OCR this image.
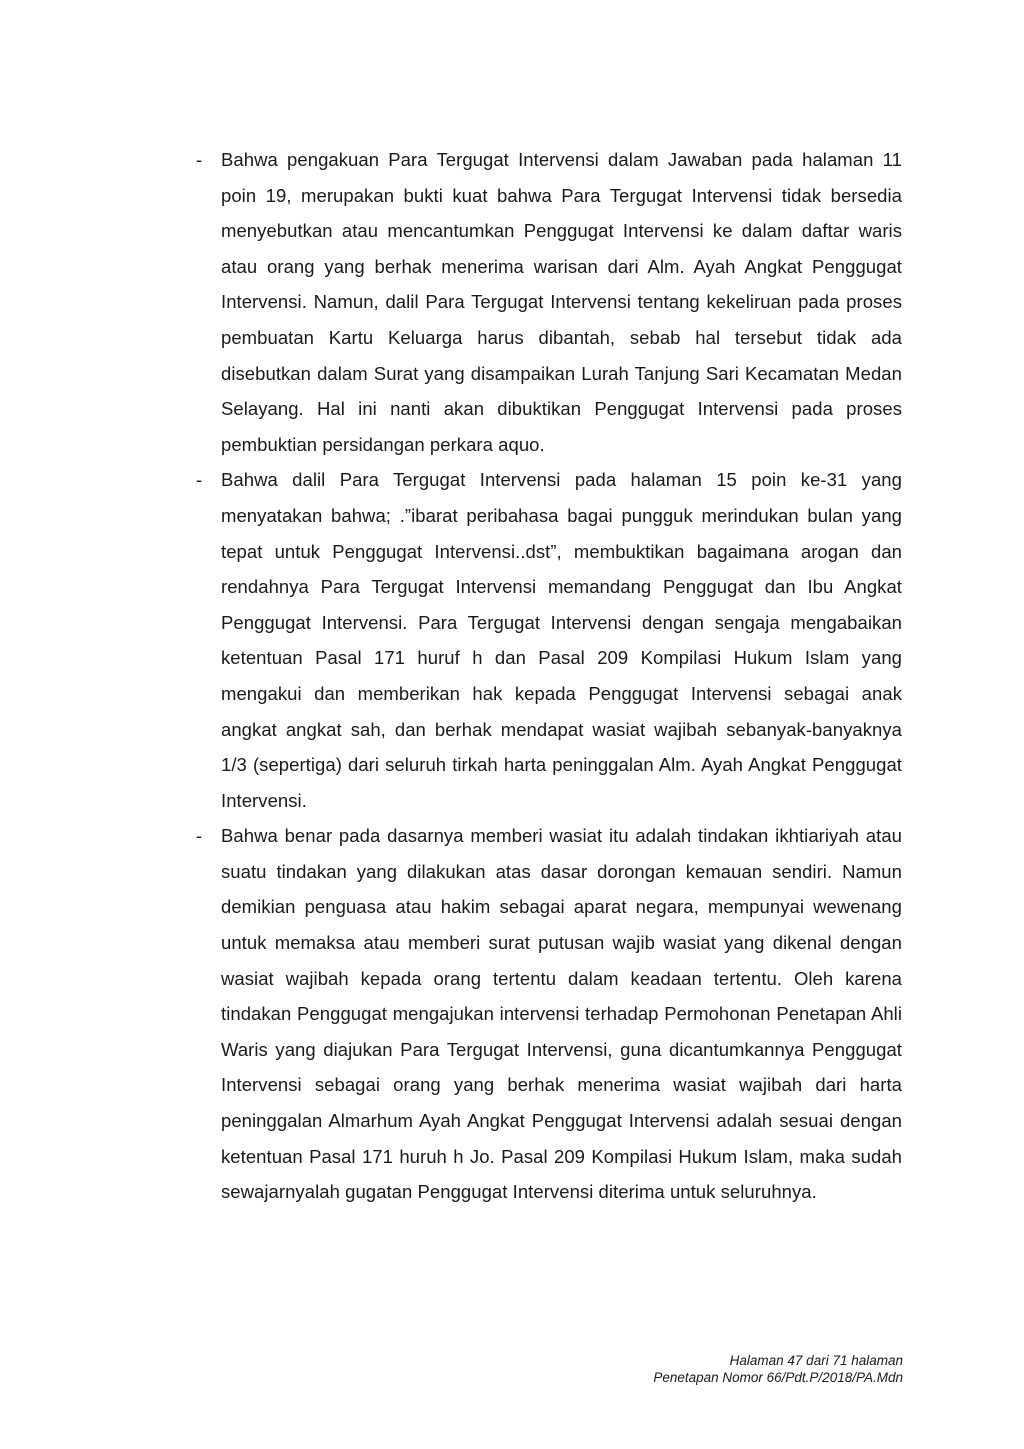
- Bahwa pengakuan Para Tergugat Intervensi dalam Jawaban pada halaman 11 poin 19, merupakan bukti kuat bahwa Para Tergugat Intervensi tidak bersedia menyebutkan atau mencantumkan Penggugat Intervensi ke dalam daftar waris atau orang yang berhak menerima warisan dari Alm. Ayah Angkat Penggugat Intervensi. Namun, dalil Para Tergugat Intervensi tentang kekeliruan pada proses pembuatan Kartu Keluarga harus dibantah, sebab hal tersebut tidak ada disebutkan dalam Surat yang disampaikan Lurah Tanjung Sari Kecamatan Medan Selayang. Hal ini nanti akan dibuktikan Penggugat Intervensi pada proses pembuktian persidangan perkara aquo.

- Bahwa dalil Para Tergugat Intervensi pada halaman 15 poin ke-31 yang menyatakan bahwa; .”ibarat peribahasa bagai pungguk merindukan bulan yang tepat untuk Penggugat Intervensi..dst”, membuktikan bagaimana arogan dan rendahnya Para Tergugat Intervensi memandang Penggugat dan Ibu Angkat Penggugat Intervensi. Para Tergugat Intervensi dengan sengaja mengabaikan ketentuan Pasal 171 huruf h dan Pasal 209 Kompilasi Hukum Islam yang mengakui dan memberikan hak kepada Penggugat Intervensi sebagai anak angkat angkat sah, dan berhak mendapat wasiat wajibah sebanyak-banyaknya 1/3 (sepertiga) dari seluruh tirkah harta peninggalan Alm. Ayah Angkat Penggugat Intervensi.

- Bahwa benar pada dasarnya memberi wasiat itu adalah tindakan ikhtiariyah atau suatu tindakan yang dilakukan atas dasar dorongan kemauan sendiri. Namun demikian penguasa atau hakim sebagai aparat negara, mempunyai wewenang untuk memaksa atau memberi surat putusan wajib wasiat yang dikenal dengan wasiat wajibah kepada orang tertentu dalam keadaan tertentu. Oleh karena tindakan Penggugat mengajukan intervensi terhadap Permohonan Penetapan Ahli Waris yang diajukan Para Tergugat Intervensi, guna dicantumkannya Penggugat Intervensi sebagai orang yang berhak menerima wasiat wajibah dari harta peninggalan Almarhum Ayah Angkat Penggugat Intervensi adalah sesuai dengan ketentuan Pasal 171 huruh h Jo. Pasal 209 Kompilasi Hukum Islam, maka sudah sewajarnyalah gugatan Penggugat Intervensi diterima untuk seluruhnya.

Halaman 47 dari 71 halaman
Penetapan Nomor 66/Pdt.P/2018/PA.Mdn
